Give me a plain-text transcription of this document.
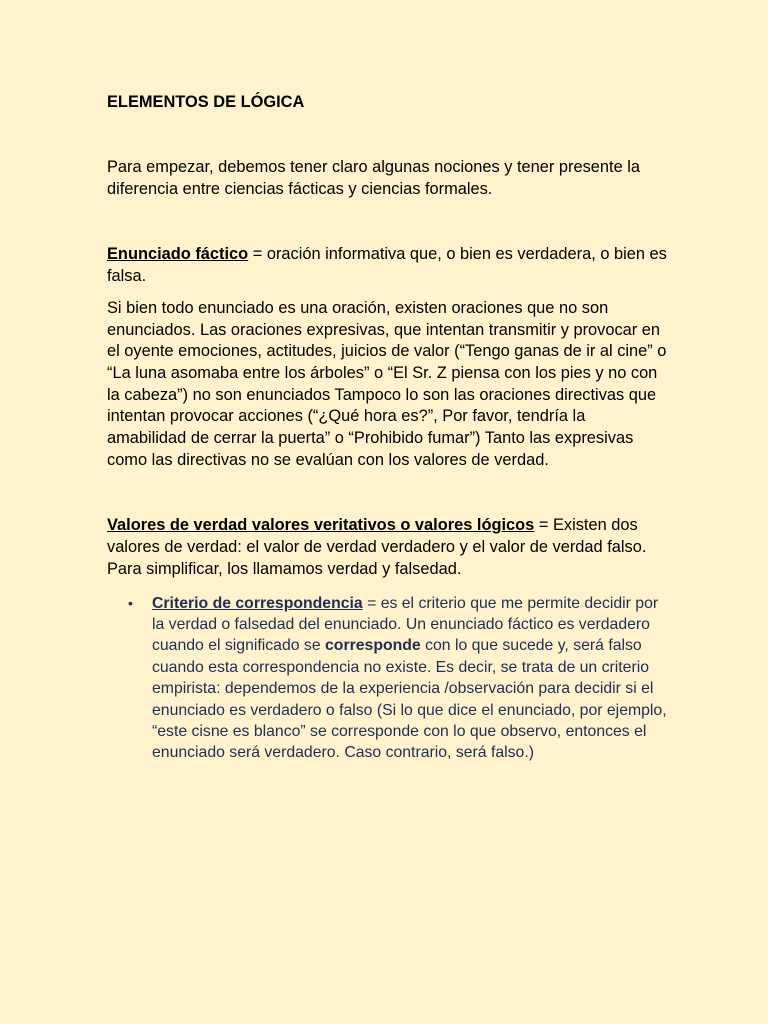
ELEMENTOS DE LÓGICA

Para empezar, debemos tener claro algunas nociones y tener presente la diferencia entre ciencias fácticas y ciencias formales.

Enunciado fáctico = oración informativa que, o bien es verdadera, o bien es falsa.

Si bien todo enunciado es una oración, existen oraciones que no son enunciados. Las oraciones expresivas, que intentan transmitir y provocar en el oyente emociones, actitudes, juicios de valor (“Tengo ganas de ir al cine” o “La luna asomaba entre los árboles” o “El Sr. Z piensa con los pies y no con la cabeza”) no son enunciados Tampoco lo son las oraciones directivas que intentan provocar acciones (“¿Qué hora es?”, Por favor, tendría la amabilidad de cerrar la puerta” o “Prohibido fumar”) Tanto las expresivas como las directivas no se evalúan con los valores de verdad.

Valores de verdad valores veritativos o valores lógicos = Existen dos valores de verdad: el valor de verdad verdadero y el valor de verdad falso. Para simplificar, los llamamos verdad y falsedad.

• Criterio de correspondencia = es el criterio que me permite decidir por la verdad o falsedad del enunciado. Un enunciado fáctico es verdadero cuando el significado se corresponde con lo que sucede y, será falso cuando esta correspondencia no existe. Es decir, se trata de un criterio empirista: dependemos de la experiencia /observación para decidir si el enunciado es verdadero o falso (Si lo que dice el enunciado, por ejemplo, “este cisne es blanco” se corresponde con lo que observo, entonces el enunciado será verdadero. Caso contrario, será falso.)
